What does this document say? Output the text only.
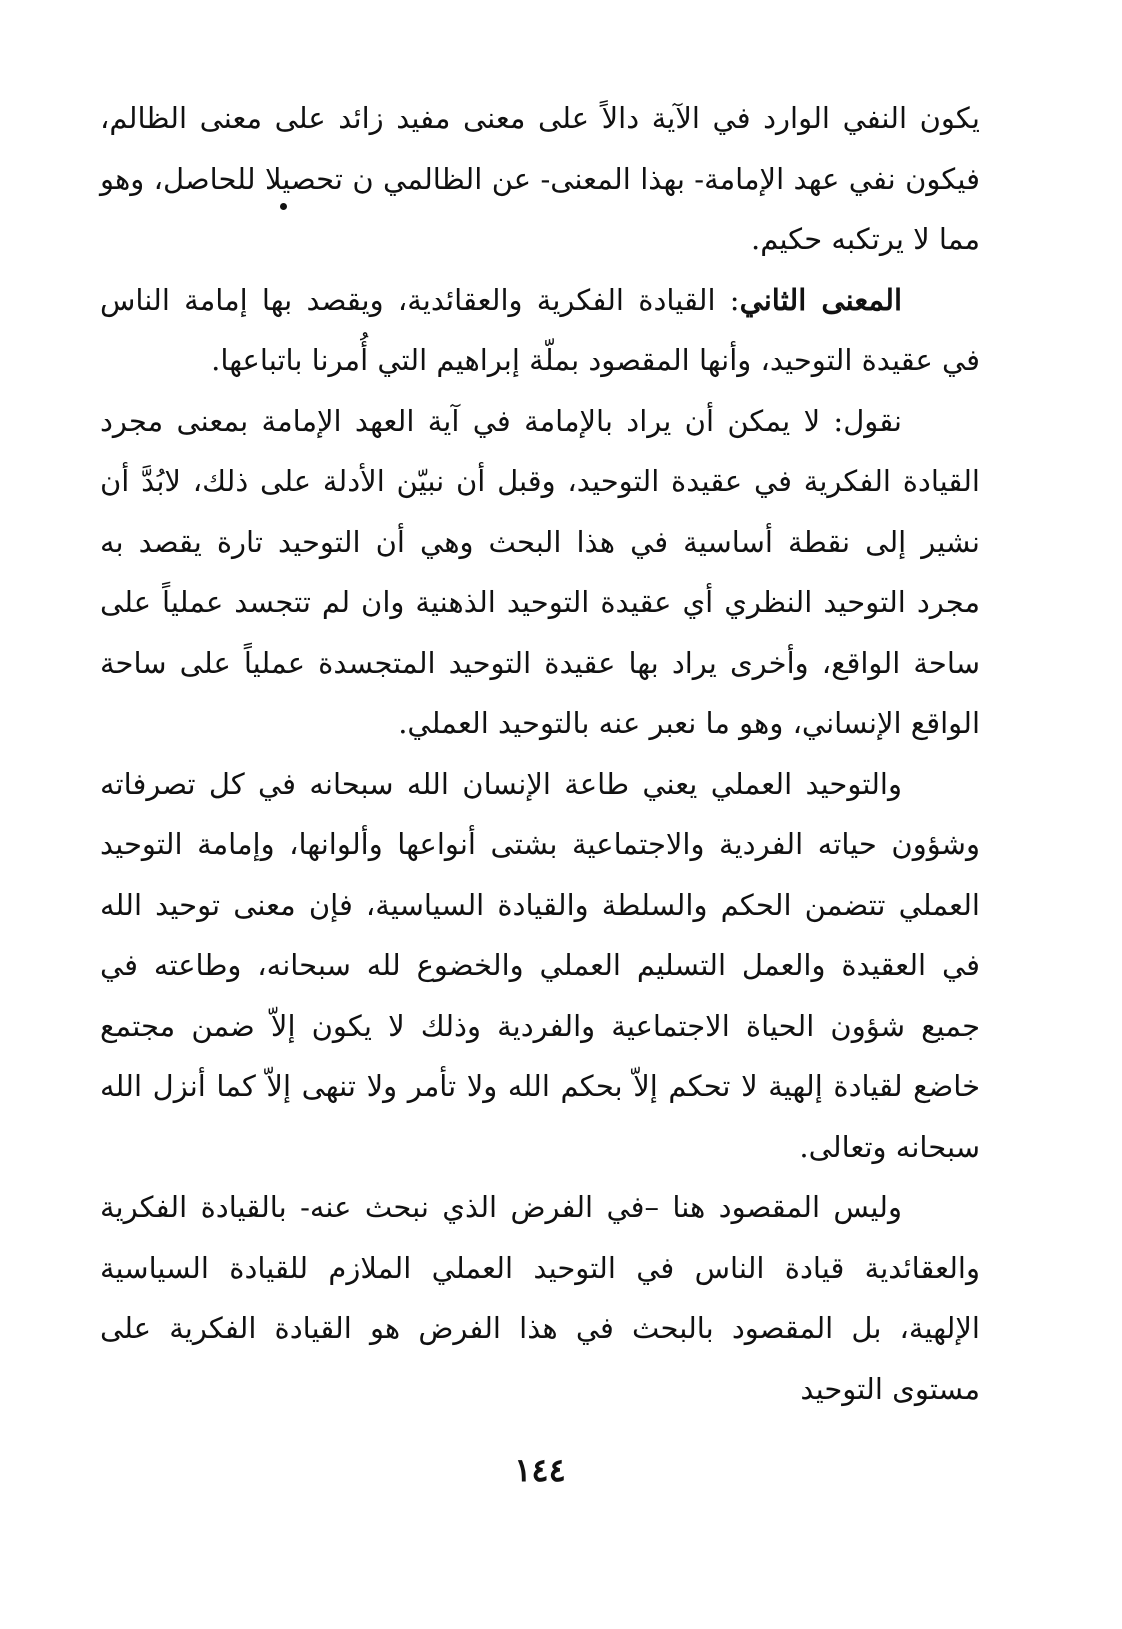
يكون النفي الوارد في الآية دالاً على معنى مفيد زائد على معنى الظالم، فيكون نفي عهد الإمامة- بهذا المعنى- عن الظالمي ن تحصيلا للحاصل، وهو مما لا يرتكبه حكيم.

المعنى الثاني: القيادة الفكرية والعقائدية، ويقصد بها إمامة الناس في عقيدة التوحيد، وأنها المقصود بملّة إبراهيم التي أُمرنا باتباعها.

نقول: لا يمكن أن يراد بالإمامة في آية العهد الإمامة بمعنى مجرد القيادة الفكرية في عقيدة التوحيد، وقبل أن نبيّن الأدلة على ذلك، لابُدَّ أن نشير إلى نقطة أساسية في هذا البحث وهي أن التوحيد تارة يقصد به مجرد التوحيد النظري أي عقيدة التوحيد الذهنية وان لم تتجسد عملياً على ساحة الواقع، وأخرى يراد بها عقيدة التوحيد المتجسدة عملياً على ساحة الواقع الإنساني، وهو ما نعبر عنه بالتوحيد العملي.

والتوحيد العملي يعني طاعة الإنسان الله سبحانه في كل تصرفاته وشؤون حياته الفردية والاجتماعية بشتى أنواعها وألوانها، وإمامة التوحيد العملي تتضمن الحكم والسلطة والقيادة السياسية، فإن معنى توحيد الله في العقيدة والعمل التسليم العملي والخضوع لله سبحانه، وطاعته في جميع شؤون الحياة الاجتماعية والفردية وذلك لا يكون إلاّ ضمن مجتمع خاضع لقيادة إلهية لا تحكم إلاّ بحكم الله ولا تأمر ولا تنهى إلاّ كما أنزل الله سبحانه وتعالى.

وليس المقصود هنا –في الفرض الذي نبحث عنه- بالقيادة الفكرية والعقائدية قيادة الناس في التوحيد العملي الملازم للقيادة السياسية الإلهية، بل المقصود بالبحث في هذا الفرض هو القيادة الفكرية على مستوى التوحيد

١٤٤
